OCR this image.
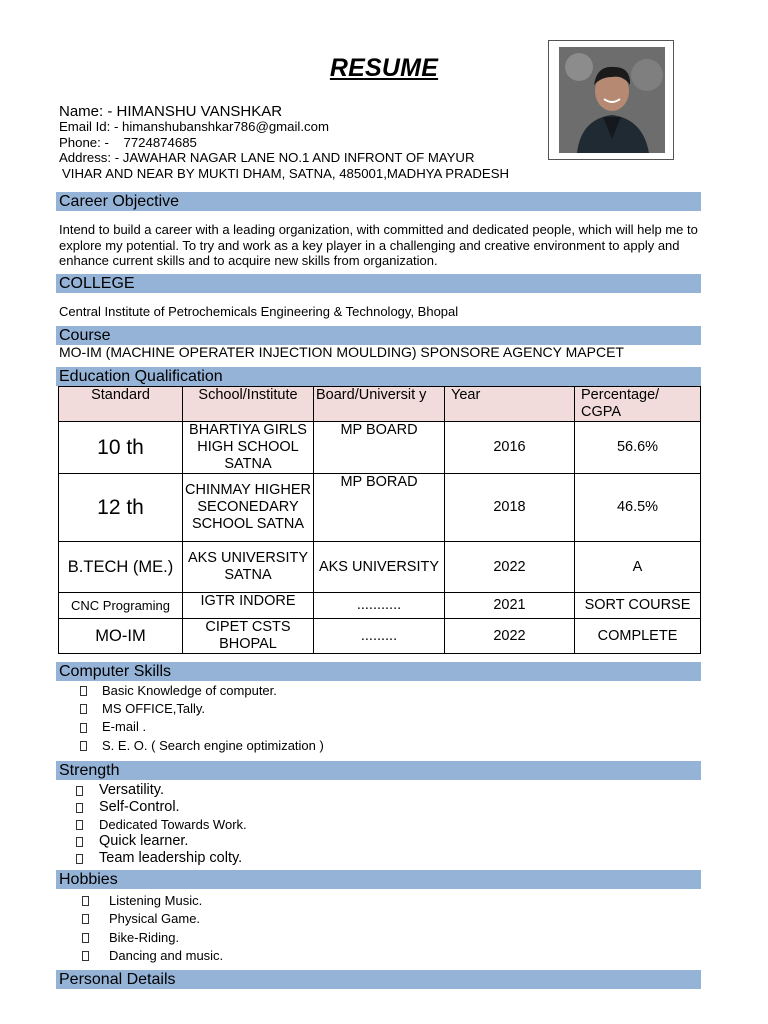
RESUME
Name: - HIMANSHU VANSHKAR
Email Id: - himanshubanshkar786@gmail.com
Phone: - 7724874685
Address: - JAWAHAR NAGAR LANE NO.1 AND INFRONT OF MAYUR
VIHAR AND NEAR BY MUKTI DHAM, SATNA, 485001,MADHYA PRADESH
Career Objective
Intend to build a career with a leading organization, with committed and dedicated people, which will help me to explore my potential. To try and work as a key player in a challenging and creative environment to apply and enhance current skills and to acquire new skills from organization.
COLLEGE
Central Institute of Petrochemicals Engineering & Technology, Bhopal
Course
MO-IM (MACHINE OPERATER INJECTION MOULDING) SPONSORE AGENCY MAPCET
Education Qualification
Standard	School/Institute	Board/Universit y	Year	Percentage/ CGPA
10 th	BHARTIYA GIRLS HIGH SCHOOL SATNA	MP BOARD	2016	56.6%
12 th	CHINMAY HIGHER SECONEDARY SCHOOL SATNA	MP BORAD	2018	46.5%
B.TECH (ME.)	AKS UNIVERSITY SATNA	AKS UNIVERSITY	2022	A
CNC Programing	IGTR INDORE	...........	2021	SORT COURSE
MO-IM	CIPET CSTS BHOPAL	.........	2022	COMPLETE
Computer Skills
Basic Knowledge of computer.
MS OFFICE,Tally.
E-mail .
S. E. O. ( Search engine optimization )
Strength
Versatility.
Self-Control.
Dedicated Towards Work.
Quick learner.
Team leadership colty.
Hobbies
Listening Music.
Physical Game.
Bike-Riding.
Dancing and music.
Personal Details
